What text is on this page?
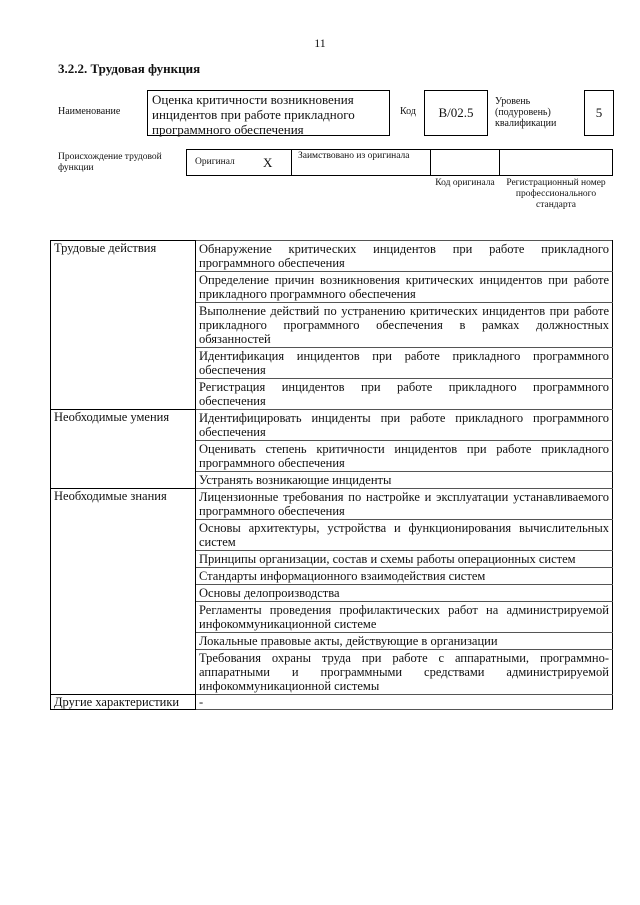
11
3.2.2. Трудовая функция
Наименование
Оценка критичности возникновения инцидентов при работе прикладного программного обеспечения
Код	B/02.5
Уровень (подуровень) квалификации
5
Происхождение трудовой функции
Оригинал X	Заимствовано из оригинала
Код оригинала	Регистрационный номер профессионального стандарта
Трудовые действия	Обнаружение критических инцидентов при работе прикладного программного обеспечения

	Определение причин возникновения критических инцидентов при работе прикладного программного обеспечения

	Выполнение действий по устранению критических инцидентов при работе прикладного программного обеспечения в рамках должностных обязанностей

	Идентификация инцидентов при работе прикладного программного обеспечения

	Регистрация инцидентов при работе прикладного программного обеспечения

Необходимые умения	Идентифицировать инциденты при работе прикладного программного обеспечения

	Оценивать степень критичности инцидентов при работе прикладного программного обеспечения

	Устранять возникающие инциденты

Необходимые знания	Лицензионные требования по настройке и эксплуатации устанавливаемого программного обеспечения

	Основы архитектуры, устройства и функционирования вычислительных систем

	Принципы организации, состав и схемы работы операционных систем

	Стандарты информационного взаимодействия систем

	Основы делопроизводства

	Регламенты проведения профилактических работ на администрируемой инфокоммуникационной системе

	Локальные правовые акты, действующие в организации

	Требования охраны труда при работе с аппаратными, программно-аппаратными и программными средствами администрируемой инфокоммуникационной системы

Другие характеристики	-
